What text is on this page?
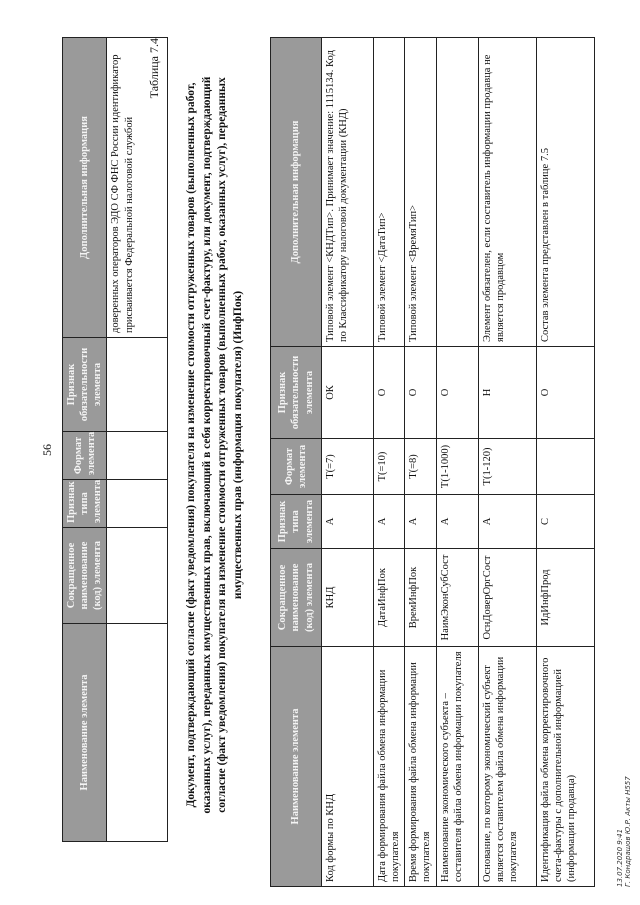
56
Наименование элемента	Сокращенное наименование (код) элемента	Признак типа элемента	Формат элемента	Признак обязательности элемента	Дополнительная информация
					доверенных операторов ЭДО СФ ФНС России идентификатор присваивается Федеральной налоговой службой
Таблица 7.4
Документ, подтверждающий согласие (факт уведомления) покупателя на изменение стоимости отгруженных товаров (выполненных работ, оказанных услуг), переданных имущественных прав, включающий в себя корректировочный счет-фактуру, или документ, подтверждающий согласие (факт уведомления) покупателя на изменение стоимости отгруженных товаров (выполненных работ, оказанных услуг), переданных имущественных прав (информация покупателя) (ИнфПок)
Наименование элемента	Сокращенное наименование (код) элемента	Признак типа элемента	Формат элемента	Признак обязательности элемента	Дополнительная информация
Код формы по КНД	КНД	А	T(=7)	ОК	Типовой элемент <КНДТип>. Принимает значение: 1115134. Код по Классификатору налоговой документации (КНД)
Дата формирования файла обмена информации покупателя	ДатаИнфПок	А	T(=10)	О	Типовой элемент <ДатаТип>
Время формирования файла обмена информации покупателя	ВремИнфПок	А	T(=8)	О	Типовой элемент <ВремяТип>
Наименование экономического субъекта – составителя файла обмена информации покупателя	НаимЭконСубСост	А	T(1-1000)	О	
Основание, по которому экономический субъект является составителем файла обмена информации покупателя	ОснДоверОргСост	А	T(1-120)	Н	Элемент обязателен, если составитель информации продавца не является продавцом
Идентификация файла обмена корректировочного счета-фактуры с дополнительной информацией (информации продавца)	ИдИнфПрод	С		О	Состав элемента представлен в таблице 7.5
13.07.2020 9:41 Г. Кондрашов Ю.Р. Акты Н557
